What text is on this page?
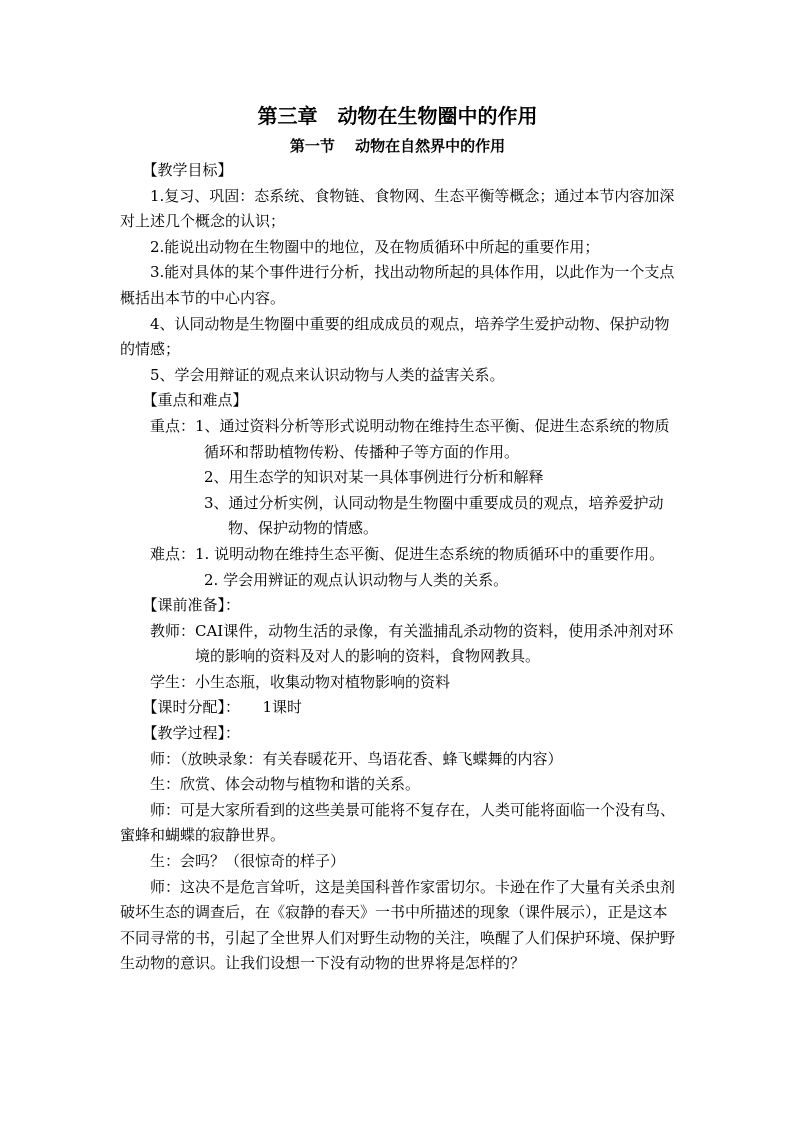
第三章　动物在生物圈中的作用

第一节　 动物在自然界中的作用

【教学目标】

1.复习、巩固：态系统、食物链、食物网、生态平衡等概念；通过本节内容加深对上述几个概念的认识；

2.能说出动物在生物圈中的地位，及在物质循环中所起的重要作用；

3.能对具体的某个事件进行分析，找出动物所起的具体作用，以此作为一个支点概括出本节的中心内容。

4、认同动物是生物圈中重要的组成成员的观点，培养学生爱护动物、保护动物的情感；

5、学会用辩证的观点来认识动物与人类的益害关系。

【重点和难点】

重点：1、通过资料分析等形式说明动物在维持生态平衡、促进生态系统的物质循环和帮助植物传粉、传播种子等方面的作用。

2、用生态学的知识对某一具体事例进行分析和解释

3、通过分析实例，认同动物是生物圈中重要成员的观点，培养爱护动物、保护动物的情感。

难点：1. 说明动物在维持生态平衡、促进生态系统的物质循环中的重要作用。

2. 学会用辨证的观点认识动物与人类的关系。

【课前准备】：

教师：CAI课件，动物生活的录像，有关滥捕乱杀动物的资料，使用杀冲剂对环境的影响的资料及对人的影响的资料，食物网教具。

学生：小生态瓶，收集动物对植物影响的资料

【课时分配】：　　1课时

【教学过程】：

师：（放映录象：有关春暖花开、鸟语花香、蜂飞蝶舞的内容）

生：欣赏、体会动物与植物和谐的关系。

师：可是大家所看到的这些美景可能将不复存在，人类可能将面临一个没有鸟、蜜蜂和蝴蝶的寂静世界。

生：会吗？（很惊奇的样子）

师：这决不是危言耸听，这是美国科普作家雷切尔。卡逊在作了大量有关杀虫剂破坏生态的调查后，在《寂静的春天》一书中所描述的现象（课件展示），正是这本不同寻常的书，引起了全世界人们对野生动物的关注，唤醒了人们保护环境、保护野生动物的意识。让我们设想一下没有动物的世界将是怎样的？
